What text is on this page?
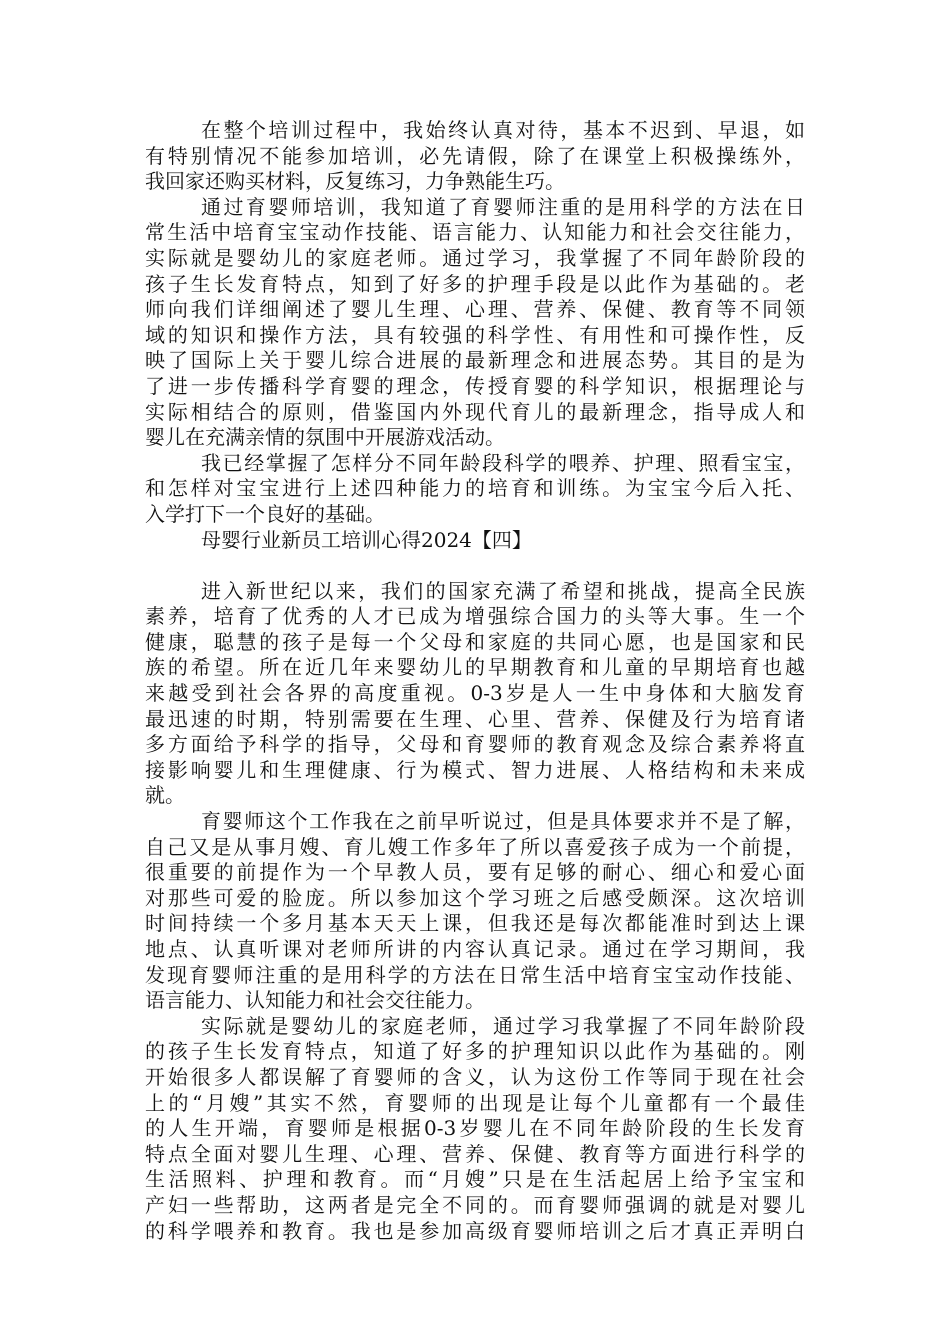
在整个培训过程中，我始终认真对待，基本不迟到、早退，如
有特别情况不能参加培训，必先请假，除了在课堂上积极操练外，
我回家还购买材料，反复练习，力争熟能生巧。
通过育婴师培训，我知道了育婴师注重的是用科学的方法在日
常生活中培育宝宝动作技能、语言能力、认知能力和社会交往能力，
实际就是婴幼儿的家庭老师。通过学习，我掌握了不同年龄阶段的
孩子生长发育特点，知到了好多的护理手段是以此作为基础的。老
师向我们详细阐述了婴儿生理、心理、营养、保健、教育等不同领
域的知识和操作方法，具有较强的科学性、有用性和可操作性，反
映了国际上关于婴儿综合进展的最新理念和进展态势。其目的是为
了进一步传播科学育婴的理念，传授育婴的科学知识，根据理论与
实际相结合的原则，借鉴国内外现代育儿的最新理念，指导成人和
婴儿在充满亲情的氛围中开展游戏活动。
我已经掌握了怎样分不同年龄段科学的喂养、护理、照看宝宝，
和怎样对宝宝进行上述四种能力的培育和训练。为宝宝今后入托、
入学打下一个良好的基础。
母婴行业新员工培训心得2024【四】
进入新世纪以来，我们的国家充满了希望和挑战，提高全民族
素养，培育了优秀的人才已成为增强综合国力的头等大事。生一个
健康，聪慧的孩子是每一个父母和家庭的共同心愿，也是国家和民
族的希望。所在近几年来婴幼儿的早期教育和儿童的早期培育也越
来越受到社会各界的高度重视。0-3岁是人一生中身体和大脑发育
最迅速的时期，特别需要在生理、心里、营养、保健及行为培育诸
多方面给予科学的指导，父母和育婴师的教育观念及综合素养将直
接影响婴儿和生理健康、行为模式、智力进展、人格结构和未来成
就。
育婴师这个工作我在之前早听说过，但是具体要求并不是了解，
自己又是从事月嫂、育儿嫂工作多年了所以喜爱孩子成为一个前提，
很重要的前提作为一个早教人员，要有足够的耐心、细心和爱心面
对那些可爱的脸庞。所以参加这个学习班之后感受颇深。这次培训
时间持续一个多月基本天天上课，但我还是每次都能准时到达上课
地点、认真听课对老师所讲的内容认真记录。通过在学习期间，我
发现育婴师注重的是用科学的方法在日常生活中培育宝宝动作技能、
语言能力、认知能力和社会交往能力。
实际就是婴幼儿的家庭老师，通过学习我掌握了不同年龄阶段
的孩子生长发育特点，知道了好多的护理知识以此作为基础的。刚
开始很多人都误解了育婴师的含义，认为这份工作等同于现在社会
上的“月嫂”其实不然，育婴师的出现是让每个儿童都有一个最佳
的人生开端，育婴师是根据0-3岁婴儿在不同年龄阶段的生长发育
特点全面对婴儿生理、心理、营养、保健、教育等方面进行科学的
生活照料、护理和教育。而“月嫂”只是在生活起居上给予宝宝和
产妇一些帮助，这两者是完全不同的。而育婴师强调的就是对婴儿
的科学喂养和教育。我也是参加高级育婴师培训之后才真正弄明白
